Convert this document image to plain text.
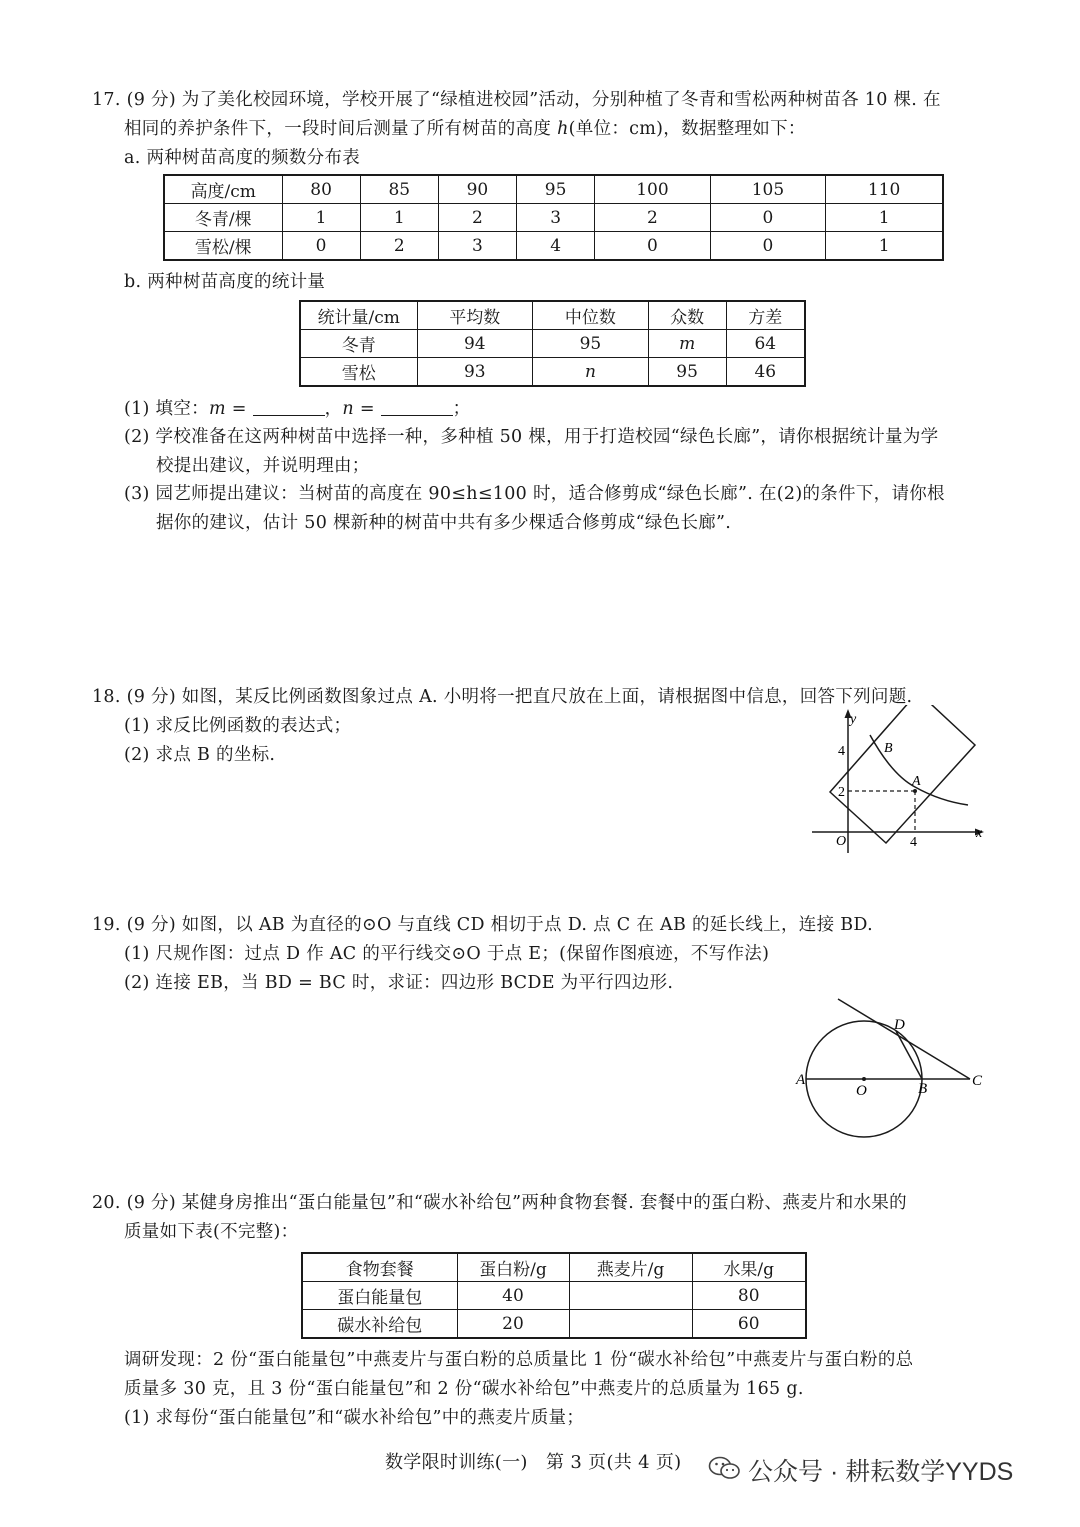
17. (9 分) 为了美化校园环境，学校开展了“绿植进校园”活动，分别种植了冬青和雪松两种树苗各 10 棵. 在
相同的养护条件下，一段时间后测量了所有树苗的高度 h(单位：cm)，数据整理如下：
a. 两种树苗高度的频数分布表
高度/cm	80	85	90	95	100	105	110
冬青/棵	1	1	2	3	2	0	1
雪松/棵	0	2	3	4	0	0	1
b. 两种树苗高度的统计量
统计量/cm	平均数	中位数	众数	方差
冬青	94	95	m	64
雪松	93	n	95	46
(1) 填空：m =	，n =	；
(2) 学校准备在这两种树苗中选择一种，多种植 50 棵，用于打造校园“绿色长廊”，请你根据统计量为学
校提出建议，并说明理由；
(3) 园艺师提出建议：当树苗的高度在 90≤h≤100 时，适合修剪成“绿色长廊”. 在(2)的条件下，请你根
据你的建议，估计 50 棵新种的树苗中共有多少棵适合修剪成“绿色长廊”.
18. (9 分) 如图，某反比例函数图象过点 A. 小明将一把直尺放在上面，请根据图中信息，回答下列问题.
(1) 求反比例函数的表达式；
(2) 求点 B 的坐标.
y
x
O
A
B
4
2
4
19. (9 分) 如图，以 AB 为直径的⊙O 与直线 CD 相切于点 D. 点 C 在 AB 的延长线上，连接 BD.
(1) 尺规作图：过点 D 作 AC 的平行线交⊙O 于点 E；(保留作图痕迹，不写作法)
(2) 连接 EB，当 BD = BC 时，求证：四边形 BCDE 为平行四边形.
A
O	B	C
D
20. (9 分) 某健身房推出“蛋白能量包”和“碳水补给包”两种食物套餐. 套餐中的蛋白粉、燕麦片和水果的
质量如下表(不完整)：
食物套餐	蛋白粉/g	燕麦片/g	水果/g
蛋白能量包	40		80
碳水补给包	20		60
调研发现：2 份“蛋白能量包”中燕麦片与蛋白粉的总质量比 1 份“碳水补给包”中燕麦片与蛋白粉的总
质量多 30 克，且 3 份“蛋白能量包”和 2 份“碳水补给包”中燕麦片的总质量为 165 g.
(1) 求每份“蛋白能量包”和“碳水补给包”中的燕麦片质量；
数学限时训练(一)　第 3 页(共 4 页)	公众号 · 耕耘数学YYDS
